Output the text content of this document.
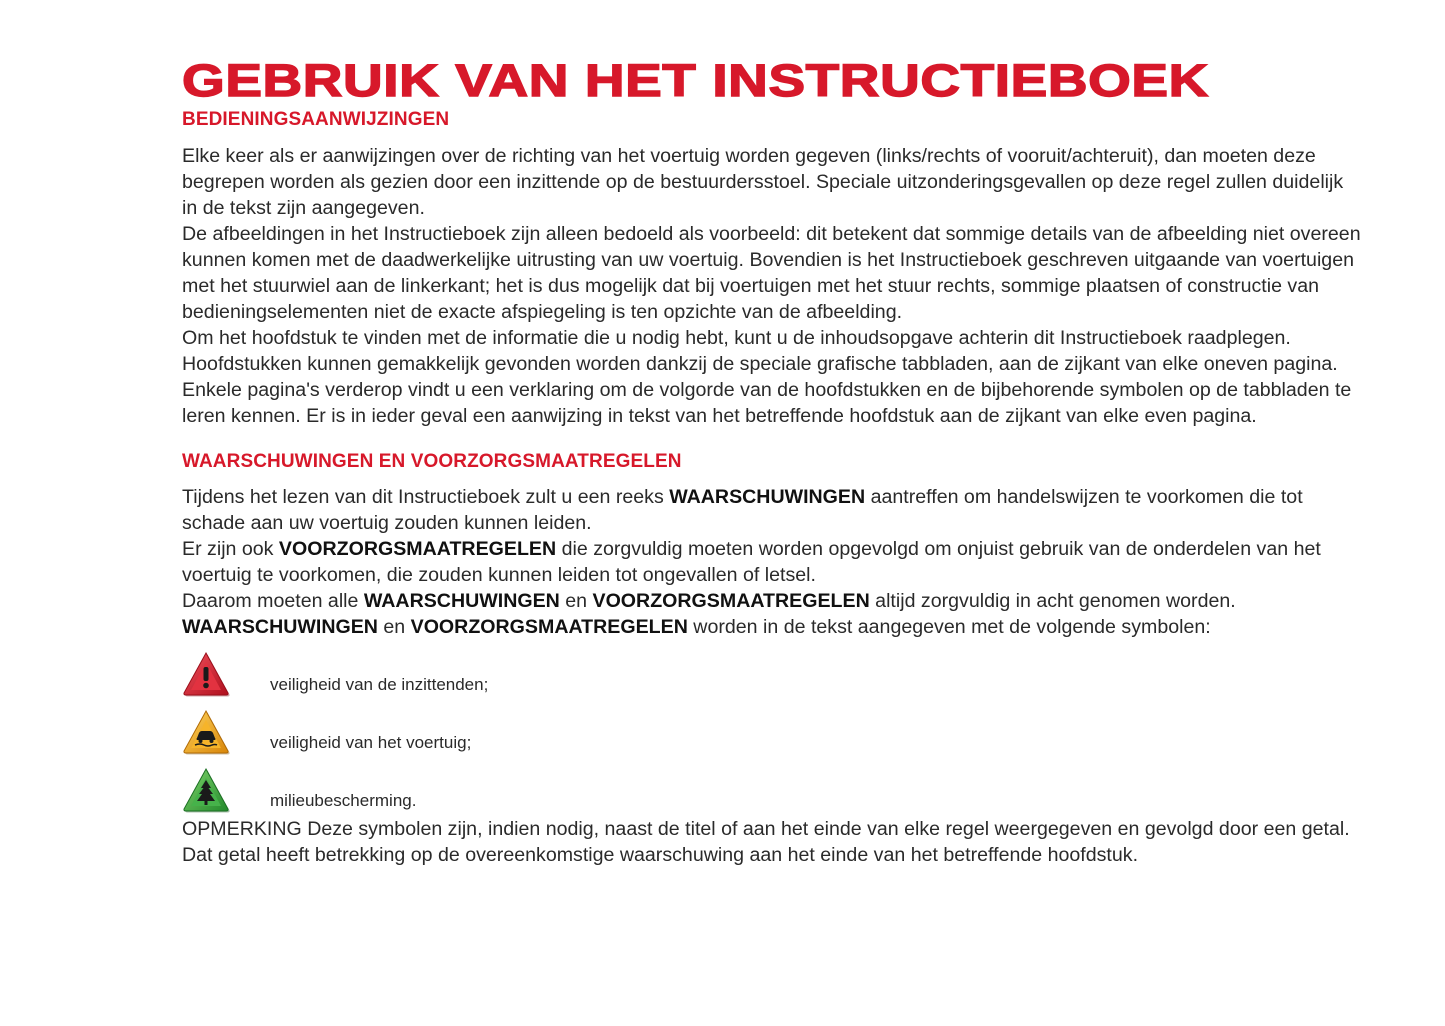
GEBRUIK VAN HET INSTRUCTIEBOEK
BEDIENINGSAANWIJZINGEN

Elke keer als er aanwijzingen over de richting van het voertuig worden gegeven (links/rechts of vooruit/achteruit), dan moeten deze begrepen worden als gezien door een inzittende op de bestuurdersstoel. Speciale uitzonderingsgevallen op deze regel zullen duidelijk in de tekst zijn aangegeven.

De afbeeldingen in het Instructieboek zijn alleen bedoeld als voorbeeld: dit betekent dat sommige details van de afbeelding niet overeen kunnen komen met de daadwerkelijke uitrusting van uw voertuig. Bovendien is het Instructieboek geschreven uitgaande van voertuigen met het stuurwiel aan de linkerkant; het is dus mogelijk dat bij voertuigen met het stuur rechts, sommige plaatsen of constructie van bedieningselementen niet de exacte afspiegeling is ten opzichte van de afbeelding.

Om het hoofdstuk te vinden met de informatie die u nodig hebt, kunt u de inhoudsopgave achterin dit Instructieboek raadplegen.

Hoofdstukken kunnen gemakkelijk gevonden worden dankzij de speciale grafische tabbladen, aan de zijkant van elke oneven pagina. Enkele pagina's verderop vindt u een verklaring om de volgorde van de hoofdstukken en de bijbehorende symbolen op de tabbladen te leren kennen. Er is in ieder geval een aanwijzing in tekst van het betreffende hoofdstuk aan de zijkant van elke even pagina.

WAARSCHUWINGEN EN VOORZORGSMAATREGELEN

Tijdens het lezen van dit Instructieboek zult u een reeks WAARSCHUWINGEN aantreffen om handelswijzen te voorkomen die tot schade aan uw voertuig zouden kunnen leiden.

Er zijn ook VOORZORGSMAATREGELEN die zorgvuldig moeten worden opgevolgd om onjuist gebruik van de onderdelen van het voertuig te voorkomen, die zouden kunnen leiden tot ongevallen of letsel.

Daarom moeten alle WAARSCHUWINGEN en VOORZORGSMAATREGELEN altijd zorgvuldig in acht genomen worden.

WAARSCHUWINGEN en VOORZORGSMAATREGELEN worden in de tekst aangegeven met de volgende symbolen:

veiligheid van de inzittenden;
veiligheid van het voertuig;
milieubescherming.

OPMERKING Deze symbolen zijn, indien nodig, naast de titel of aan het einde van elke regel weergegeven en gevolgd door een getal. Dat getal heeft betrekking op de overeenkomstige waarschuwing aan het einde van het betreffende hoofdstuk.
